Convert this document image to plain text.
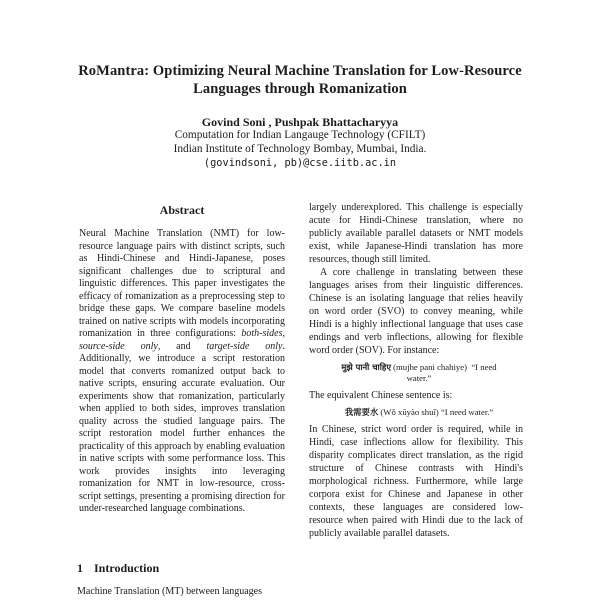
RoMantra: Optimizing Neural Machine Translation for Low-Resource Languages through Romanization
Govind Soni , Pushpak Bhattacharyya
Computation for Indian Langauge Technology (CFILT)
Indian Institute of Technology Bombay, Mumbai, India.
(govindsoni, pb)@cse.iitb.ac.in
Abstract

Neural Machine Translation (NMT) for low-resource language pairs with distinct scripts, such as Hindi-Chinese and Hindi-Japanese, poses significant challenges due to scriptural and linguistic differences. This paper investigates the efficacy of romanization as a preprocessing step to bridge these gaps. We compare baseline models trained on native scripts with models incorporating romanization in three configurations: both-sides, source-side only, and target-side only. Additionally, we introduce a script restoration model that converts romanized output back to native scripts, ensuring accurate evaluation. Our experiments show that romanization, particularly when applied to both sides, improves translation quality across the studied language pairs. The script restoration model further enhances the practicality of this approach by enabling evaluation in native scripts with some performance loss. This work provides insights into leveraging romanization for NMT in low-resource, cross-script settings, presenting a promising direction for under-researched language combinations.

1 Introduction

Machine Translation (MT) between languages

largely underexplored. This challenge is especially acute for Hindi-Chinese translation, where no publicly available parallel datasets or NMT models exist, while Japanese-Hindi translation has more resources, though still limited.

A core challenge in translating between these languages arises from their linguistic differences. Chinese is an isolating language that relies heavily on word order (SVO) to convey meaning, while Hindi is a highly inflectional language that uses case endings and verb inflections, allowing for flexible word order (SOV). For instance:

मुझे पानी चाहिए (mujhe pani chahiye) “I need water.”

The equivalent Chinese sentence is:

我需要水 (Wǒ xūyào shuǐ) “I need water.”

In Chinese, strict word order is required, while in Hindi, case inflections allow for flexibility. This disparity complicates direct translation, as the rigid structure of Chinese contrasts with Hindi's morphological richness. Furthermore, while large corpora exist for Chinese and Japanese in other contexts, these languages are considered low-resource when paired with Hindi due to the lack of publicly available parallel datasets.
